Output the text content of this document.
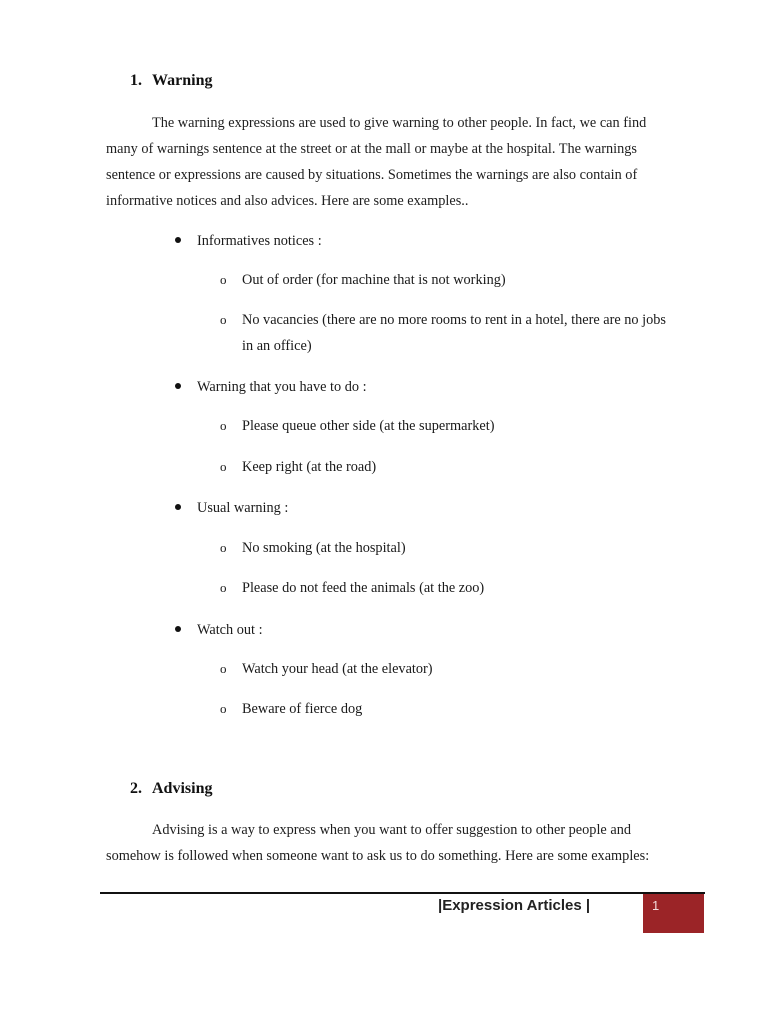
1. Warning
The warning expressions are used to give warning to other people. In fact, we can find
many of warnings sentence at the street or at the mall or maybe at the hospital. The warnings
sentence or expressions are caused by situations. Sometimes the warnings are also contain of
informative notices and also advices. Here are some examples..
Informatives notices :
o Out of order (for machine that is not working)
o No vacancies (there are no more rooms to rent in a hotel, there are no jobs
in an office)
Warning that you have to do :
o Please queue other side (at the supermarket)
o Keep right (at the road)
Usual warning :
o No smoking (at the hospital)
o Please do not feed the animals (at the zoo)
Watch out :
o Watch your head (at the elevator)
o Beware of fierce dog
2. Advising
Advising is a way to express when you want to offer suggestion to other people and
somehow is followed when someone want to ask us to do something. Here are some examples:
|Expression Articles |	1
